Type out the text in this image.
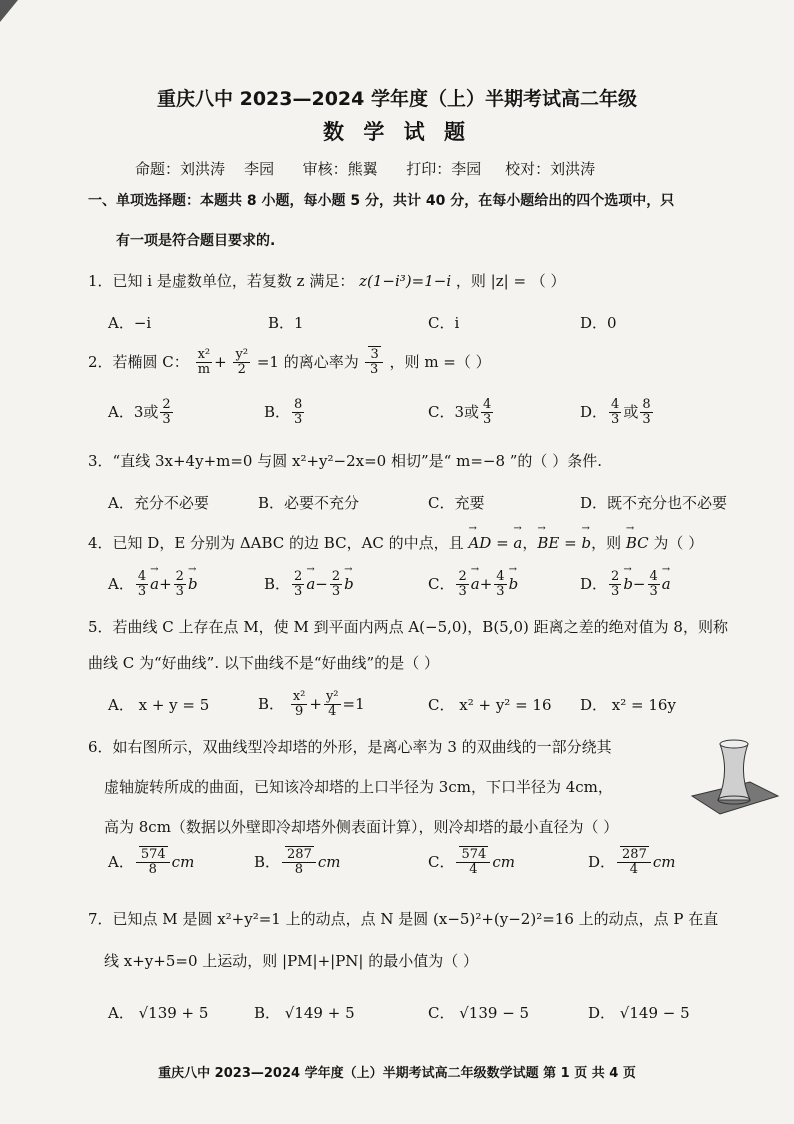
重庆八中 2023—2024 学年度（上）半期考试高二年级
数 学 试 题
命题：刘洪涛    李园      审核：熊翼      打印：李园     校对：刘洪涛
一、单项选择题：本题共 8 小题，每小题 5 分，共计 40 分，在每小题给出的四个选项中，只
有一项是符合题目要求的.
1．已知 i 是虚数单位，若复数 z 满足： z(1−i³)=1−i ，则 |z| = （ ）
A．−i	B．1	C．i	D．0
2．若椭圆 C： $\frac{\text{x²}}{m} + \frac{\text{y²}}{2} =1$ 的离心率为 $\frac{3}{3}$ ，则 m =（ ）
A．3或 $\frac{2}{3}$	B． $\frac{8}{3}$	C．3或 $\frac{4}{3}$	D． $\frac{4}{3}$ 或 $\frac{8}{3}$
3．“直线 3x+4y+m=0 与圆 x²+y²−2x=0 相切”是“ m=−8 ”的（ ）条件.
A．充分不必要	B．必要不充分	C．充要	D．既不充分也不必要
4．已知 D，E 分别为 ΔABC 的边 BC，AC 的中点，且 → AD = → a，→ BE = → b，则 → BC 为（ ）
A． $\frac{4}{3}$
→ $a+ \frac{2}{3}$
→ b	B． $\frac{2}{3}$
→ $a- \frac{2}{3}$
→ b	C． $\frac{2}{3}$
→ $a+ \frac{4}{3}$
→ b	D． $\frac{2}{3}$
→ $b- \frac{4}{3}$
→ a
5．若曲线 C 上存在点 M，使 M 到平面内两点 A(−5,0)，B(5,0) 距离之差的绝对值为 8，则称
曲线 C 为“好曲线”. 以下曲线不是“好曲线”的是（ ）
A． x + y = 5	B． $\frac{\text{x²}}{9} + \frac{\text{y²}}{4} =1$	C． x² + y² = 16 D． x² = 16y
6．如右图所示，双曲线型冷却塔的外形，是离心率为 3 的双曲线的一部分绕其
虚轴旋转所成的曲面，已知该冷却塔的上口半径为 3cm，下口半径为 4cm，
高为 8cm（数据以外壁即冷却塔外侧表面计算），则冷却塔的最小直径为（ ）
A． $\frac{574}{8}$ cm	B． $\frac{287}{8}$ cm	C． $\frac{574}{4}$ cm	D． $\frac{287}{4}$ cm
7．已知点 M 是圆 x²+y²=1 上的动点，点 N 是圆 (x−5)²+(y−2)²=16 上的动点，点 P 在直
线 x+y+5=0 上运动，则 |PM|+|PN| 的最小值为（ ）
A． √139 + 5	B． √149 + 5	C． √139 − 5	D． √149 − 5
重庆八中 2023—2024 学年度（上）半期考试高二年级数学试题 第 1 页 共 4 页
